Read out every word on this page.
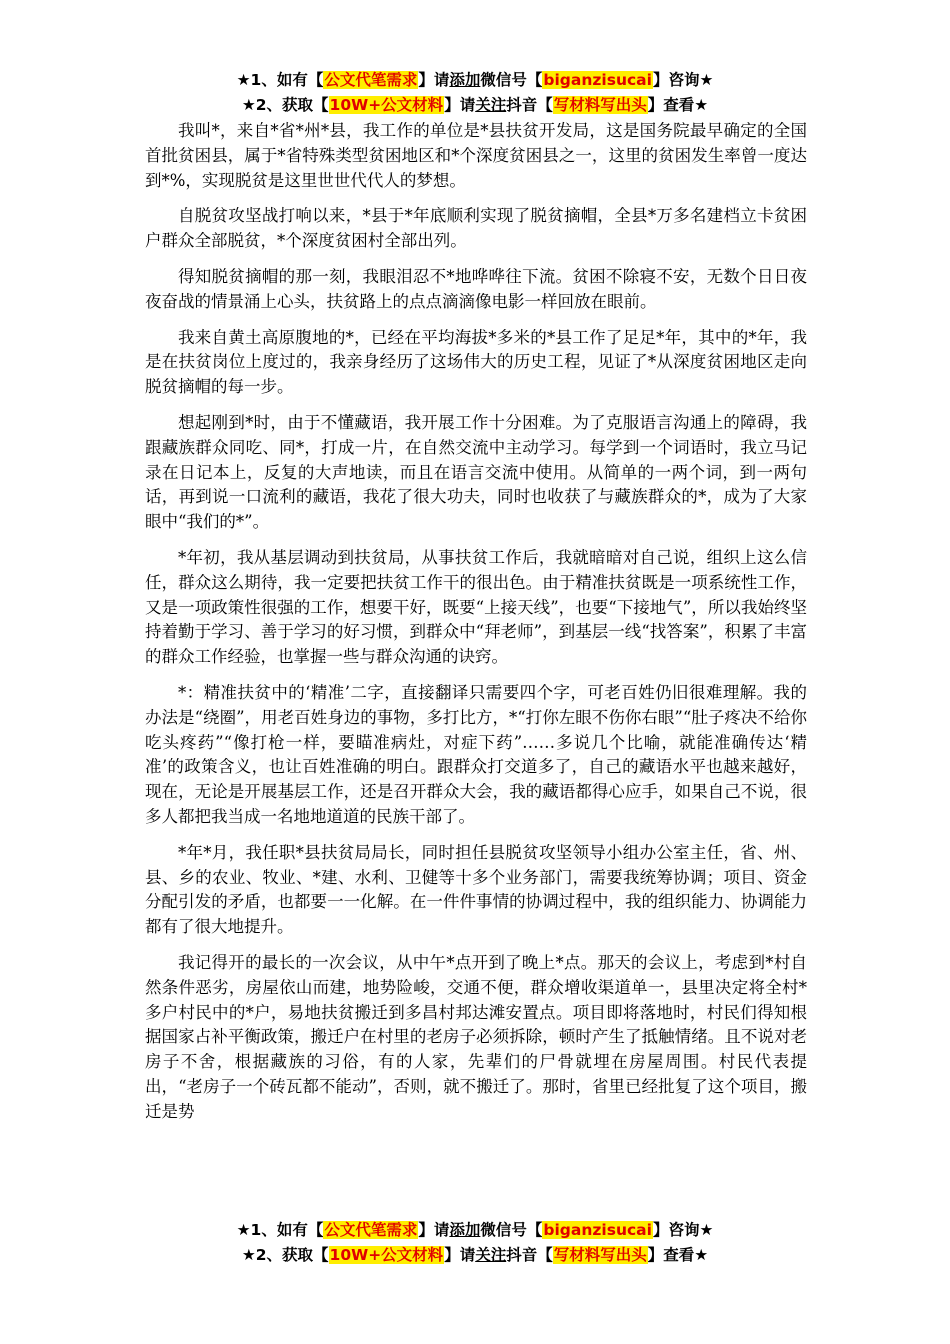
★1、如有【公文代笔需求】请添加微信号【biganzisucai】咨询★
★2、获取【10W+公文材料】请关注抖音【写材料写出头】查看★

我叫*，来自*省*州*县，我工作的单位是*县扶贫开发局，这是国务院最早确定的全国首批贫困县，属于*省特殊类型贫困地区和*个深度贫困县之一，这里的贫困发生率曾一度达到*%，实现脱贫是这里世世代代人的梦想。

自脱贫攻坚战打响以来，*县于*年底顺利实现了脱贫摘帽，全县*万多名建档立卡贫困户群众全部脱贫，*个深度贫困村全部出列。

得知脱贫摘帽的那一刻，我眼泪忍不*地哗哗往下流。贫困不除寝不安，无数个日日夜夜奋战的情景涌上心头，扶贫路上的点点滴滴像电影一样回放在眼前。

我来自黄土高原腹地的*，已经在平均海拔*多米的*县工作了足足*年，其中的*年，我是在扶贫岗位上度过的，我亲身经历了这场伟大的历史工程，见证了*从深度贫困地区走向脱贫摘帽的每一步。

想起刚到*时，由于不懂藏语，我开展工作十分困难。为了克服语言沟通上的障碍，我跟藏族群众同吃、同*，打成一片，在自然交流中主动学习。每学到一个词语时，我立马记录在日记本上，反复的大声地读，而且在语言交流中使用。从简单的一两个词，到一两句话，再到说一口流利的藏语，我花了很大功夫，同时也收获了与藏族群众的*，成为了大家眼中“我们的*”。

*年初，我从基层调动到扶贫局，从事扶贫工作后，我就暗暗对自己说，组织上这么信任，群众这么期待，我一定要把扶贫工作干的很出色。由于精准扶贫既是一项系统性工作，又是一项政策性很强的工作，想要干好，既要“上接天线”，也要“下接地气”，所以我始终坚持着勤于学习、善于学习的好习惯，到群众中“拜老师”，到基层一线“找答案”，积累了丰富的群众工作经验，也掌握一些与群众沟通的诀窍。

*：精准扶贫中的‘精准’二字，直接翻译只需要四个字，可老百姓仍旧很难理解。我的办法是“绕圈”，用老百姓身边的事物，多打比方，*“打你左眼不伤你右眼”“肚子疼决不给你吃头疼药”“像打枪一样，要瞄准病灶，对症下药”……多说几个比喻，就能准确传达‘精准’的政策含义，也让百姓准确的明白。跟群众打交道多了，自己的藏语水平也越来越好，现在，无论是开展基层工作，还是召开群众大会，我的藏语都得心应手，如果自己不说，很多人都把我当成一名地地道道的民族干部了。

*年*月，我任职*县扶贫局局长，同时担任县脱贫攻坚领导小组办公室主任，省、州、县、乡的农业、牧业、*建、水利、卫健等十多个业务部门，需要我统筹协调；项目、资金分配引发的矛盾，也都要一一化解。在一件件事情的协调过程中，我的组织能力、协调能力都有了很大地提升。

我记得开的最长的一次会议，从中午*点开到了晚上*点。那天的会议上，考虑到*村自然条件恶劣，房屋依山而建，地势险峻，交通不便，群众增收渠道单一，县里决定将全村*多户村民中的*户，易地扶贫搬迁到多昌村邦达滩安置点。项目即将落地时，村民们得知根据国家占补平衡政策，搬迁户在村里的老房子必须拆除，顿时产生了抵触情绪。且不说对老房子不舍，根据藏族的习俗，有的人家，先辈们的尸骨就埋在房屋周围。村民代表提出，“老房子一个砖瓦都不能动”，否则，就不搬迁了。那时，省里已经批复了这个项目，搬迁是势

★1、如有【公文代笔需求】请添加微信号【biganzisucai】咨询★
★2、获取【10W+公文材料】请关注抖音【写材料写出头】查看★
